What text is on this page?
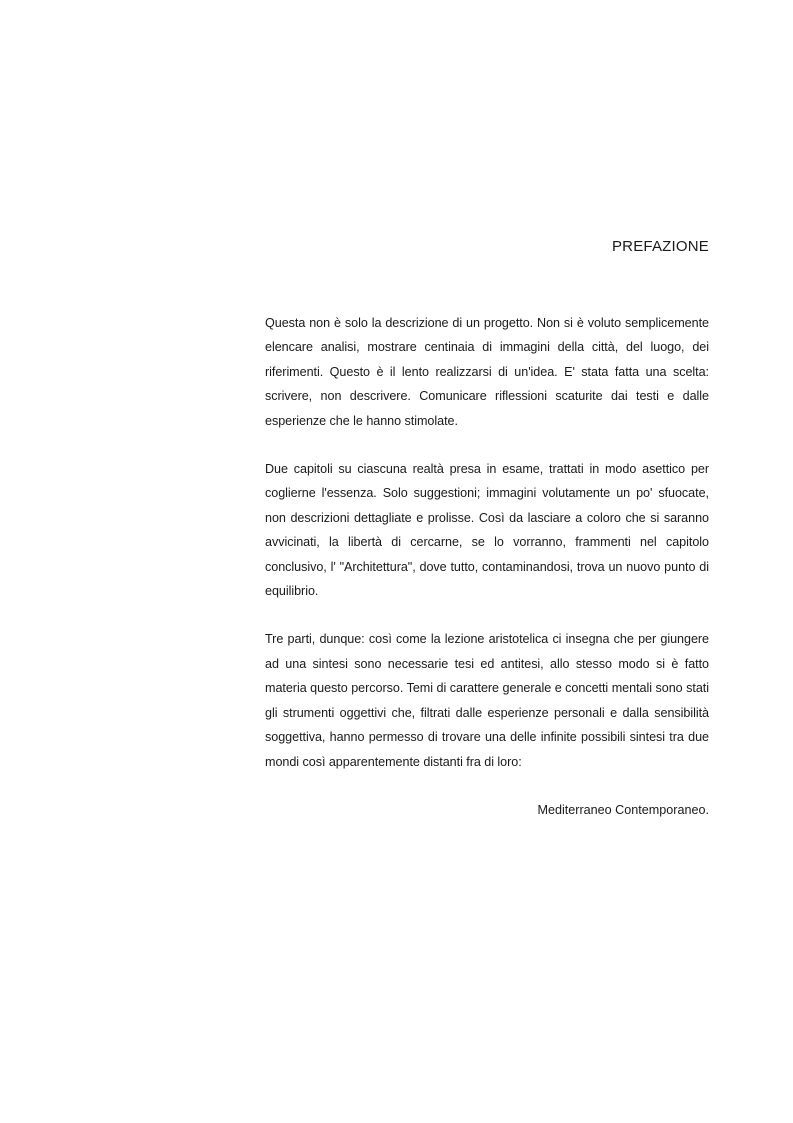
PREFAZIONE

Questa non è solo la descrizione di un progetto. Non si è voluto semplicemente elencare analisi, mostrare centinaia di immagini della città, del luogo, dei riferimenti. Questo è il lento realizzarsi di un'idea. E' stata fatta una scelta: scrivere, non descrivere. Comunicare riflessioni scaturite dai testi e dalle esperienze che le hanno stimolate.

Due capitoli su ciascuna realtà presa in esame, trattati in modo asettico per coglierne l'essenza. Solo suggestioni; immagini volutamente un po' sfuocate, non descrizioni dettagliate e prolisse. Così da lasciare a coloro che si saranno avvicinati, la libertà di cercarne, se lo vorranno, frammenti nel capitolo conclusivo, l' "Architettura", dove tutto, contaminandosi, trova un nuovo punto di equilibrio.

Tre parti, dunque: così come la lezione aristotelica ci insegna che per giungere ad una sintesi sono necessarie tesi ed antitesi, allo stesso modo si è fatto materia questo percorso. Temi di carattere generale e concetti mentali sono stati gli strumenti oggettivi che, filtrati dalle esperienze personali e dalla sensibilità soggettiva, hanno permesso di trovare una delle infinite possibili sintesi tra due mondi così apparentemente distanti fra di loro:

Mediterraneo Contemporaneo.
